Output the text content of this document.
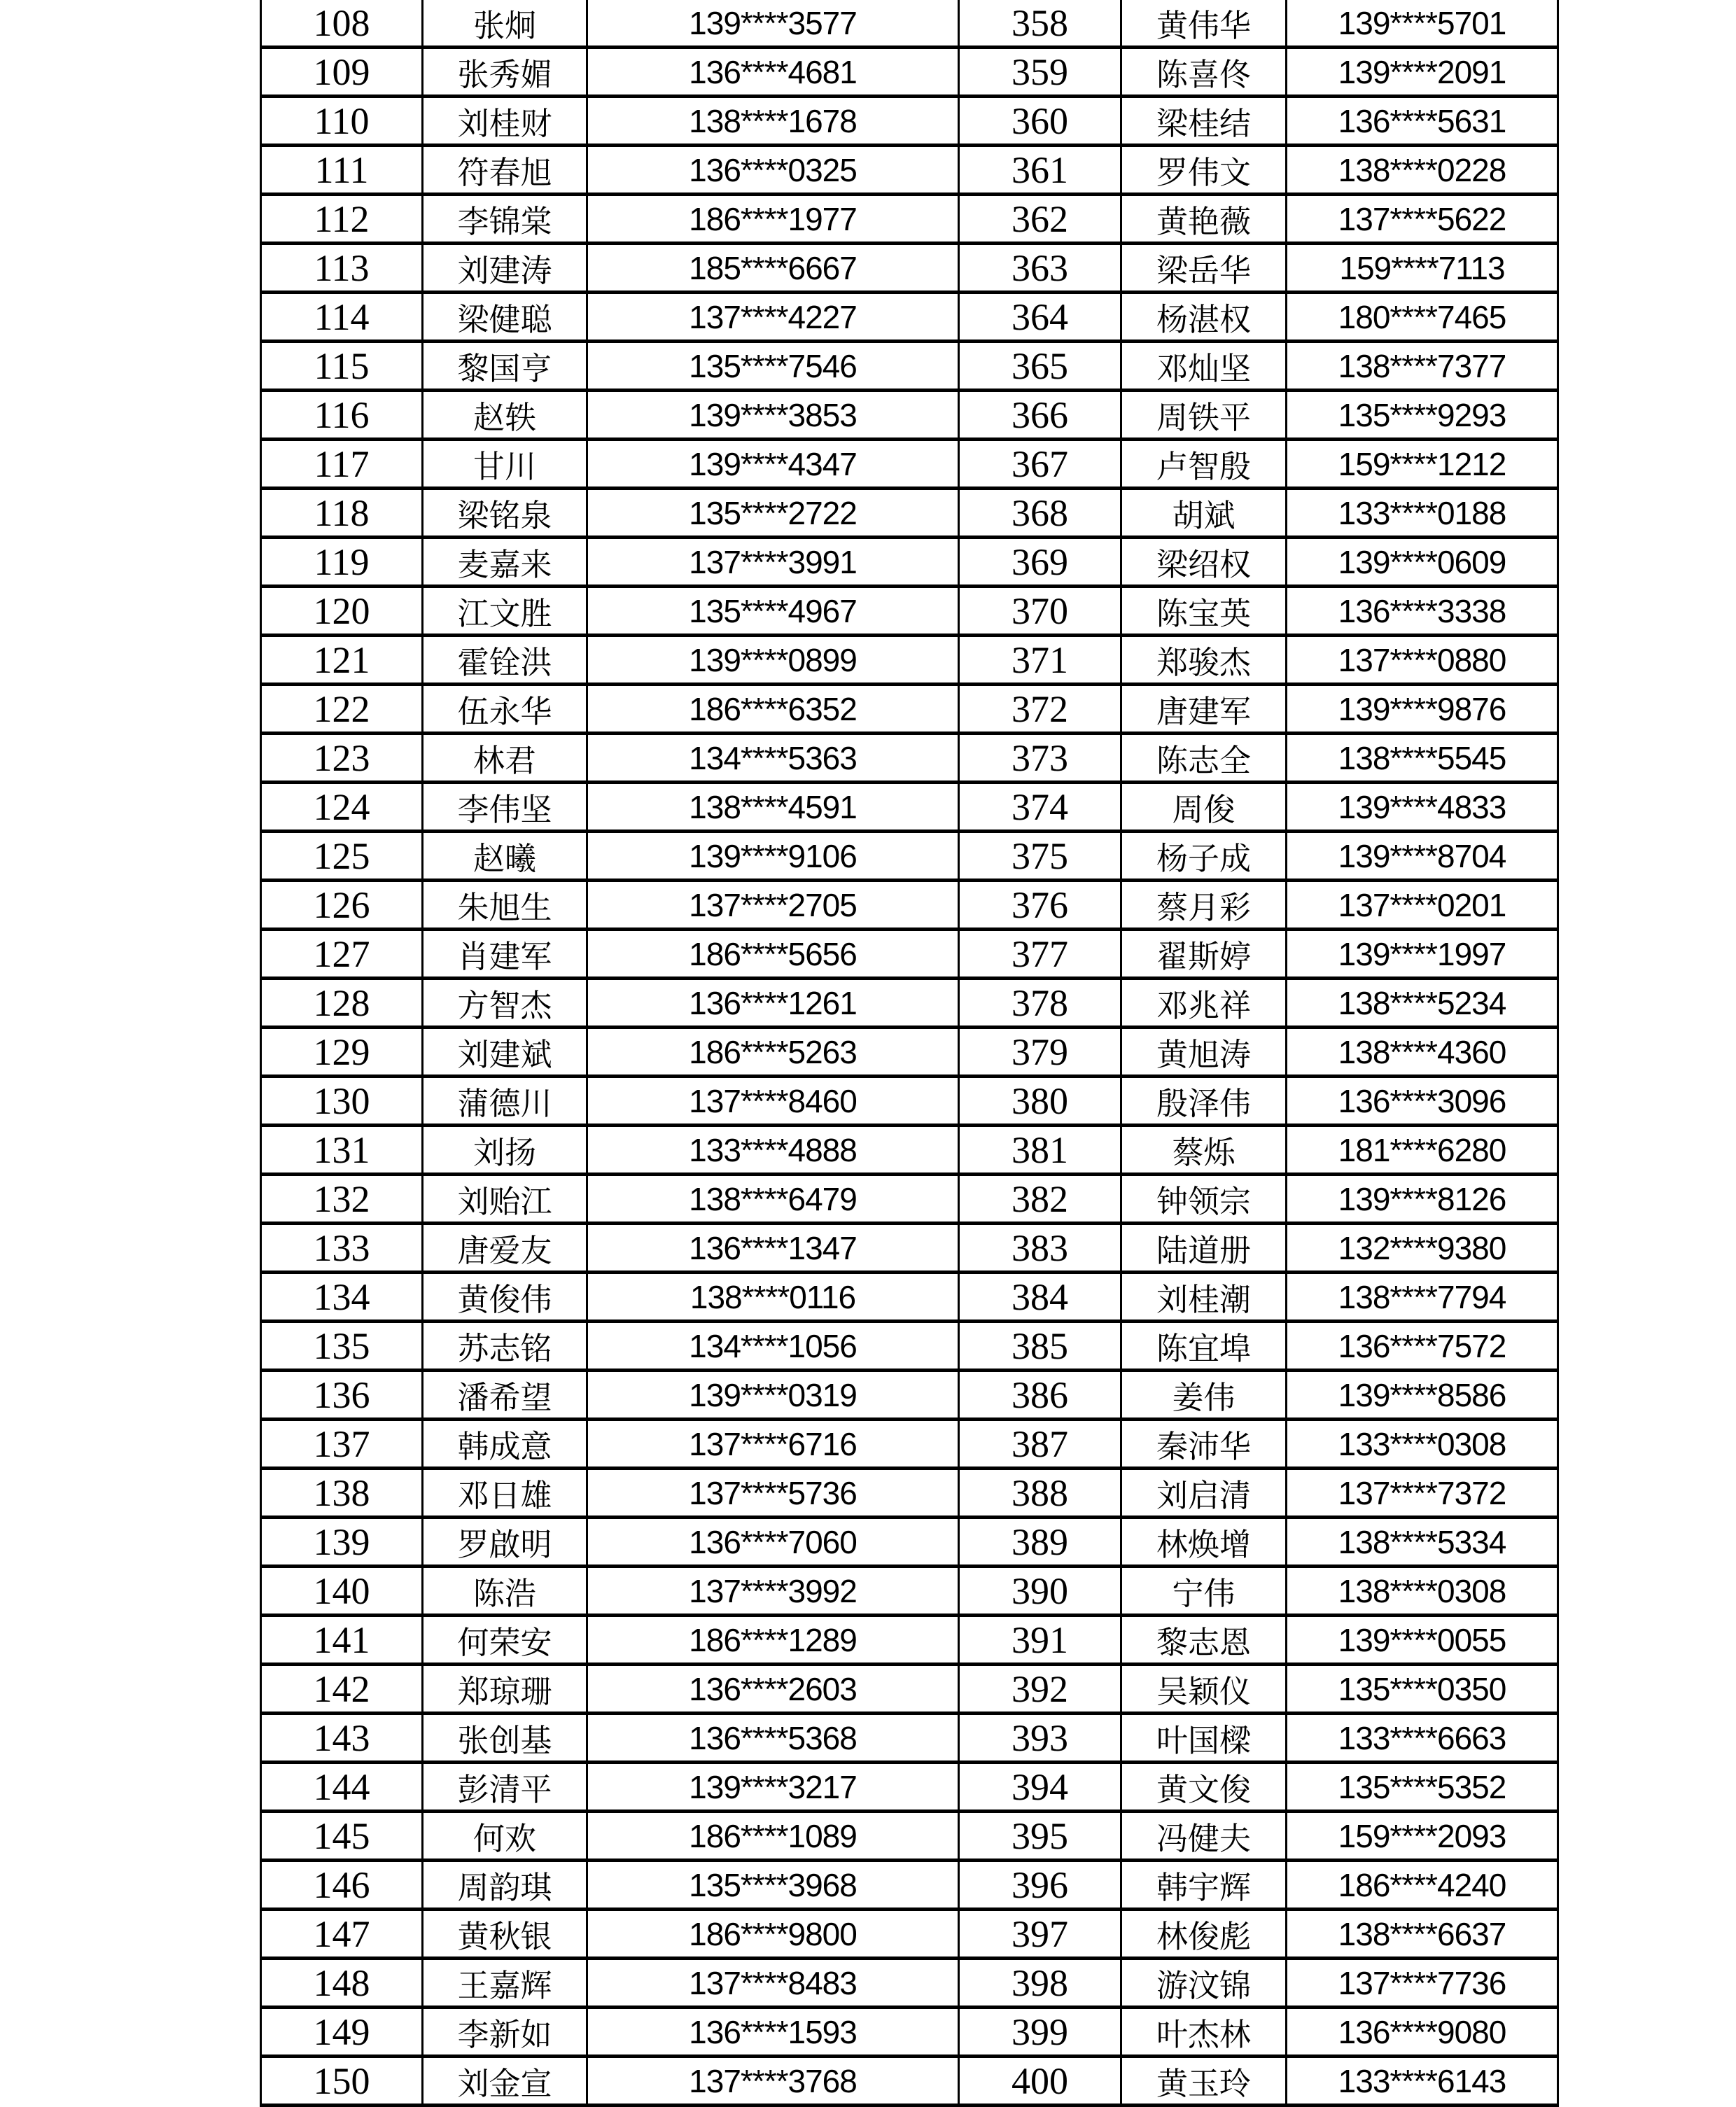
108	张炯	139****3577	358	黄伟华	139****5701
109	张秀媚	136****4681	359	陈喜佟	139****2091
110	刘桂财	138****1678	360	梁桂结	136****5631
111	符春旭	136****0325	361	罗伟文	138****0228
112	李锦棠	186****1977	362	黄艳薇	137****5622
113	刘建涛	185****6667	363	梁岳华	159****7113
114	梁健聪	137****4227	364	杨湛权	180****7465
115	黎国亨	135****7546	365	邓灿坚	138****7377
116	赵轶	139****3853	366	周铁平	135****9293
117	甘川	139****4347	367	卢智殷	159****1212
118	梁铭泉	135****2722	368	胡斌	133****0188
119	麦嘉来	137****3991	369	梁绍权	139****0609
120	江文胜	135****4967	370	陈宝英	136****3338
121	霍铨洪	139****0899	371	郑骏杰	137****0880
122	伍永华	186****6352	372	唐建军	139****9876
123	林君	134****5363	373	陈志全	138****5545
124	李伟坚	138****4591	374	周俊	139****4833
125	赵曦	139****9106	375	杨子成	139****8704
126	朱旭生	137****2705	376	蔡月彩	137****0201
127	肖建军	186****5656	377	翟斯婷	139****1997
128	方智杰	136****1261	378	邓兆祥	138****5234
129	刘建斌	186****5263	379	黄旭涛	138****4360
130	蒲德川	137****8460	380	殷泽伟	136****3096
131	刘扬	133****4888	381	蔡烁	181****6280
132	刘贻江	138****6479	382	钟领宗	139****8126
133	唐爱友	136****1347	383	陆道册	132****9380
134	黄俊伟	138****0116	384	刘桂潮	138****7794
135	苏志铭	134****1056	385	陈宜埠	136****7572
136	潘希望	139****0319	386	姜伟	139****8586
137	韩成意	137****6716	387	秦沛华	133****0308
138	邓日雄	137****5736	388	刘启清	137****7372
139	罗啟明	136****7060	389	林焕增	138****5334
140	陈浩	137****3992	390	宁伟	138****0308
141	何荣安	186****1289	391	黎志恩	139****0055
142	郑琼珊	136****2603	392	吴颖仪	135****0350
143	张创基	136****5368	393	叶国樑	133****6663
144	彭清平	139****3217	394	黄文俊	135****5352
145	何欢	186****1089	395	冯健夫	159****2093
146	周韵琪	135****3968	396	韩宇辉	186****4240
147	黄秋银	186****9800	397	林俊彪	138****6637
148	王嘉辉	137****8483	398	游汶锦	137****7736
149	李新如	136****1593	399	叶杰林	136****9080
150	刘金宣	137****3768	400	黄玉玲	133****6143
